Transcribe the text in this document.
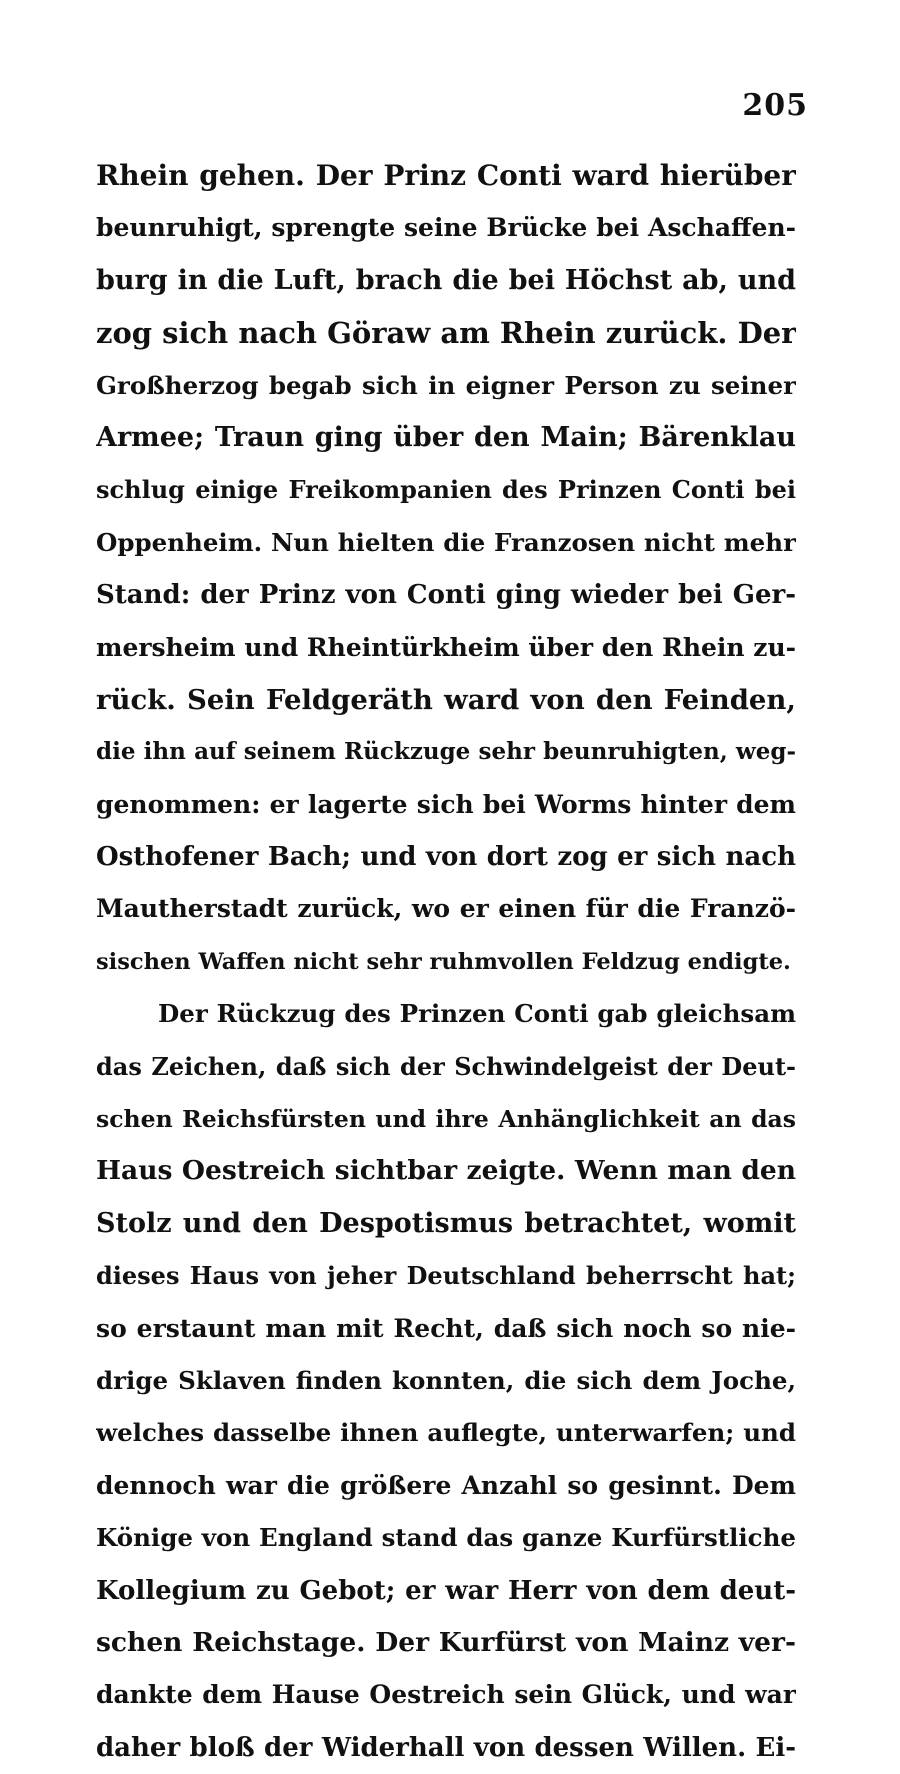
205
Rhein gehen. Der Prinz Conti ward hierüber
beunruhigt, sprengte seine Brücke bei Aschaffen-
burg in die Luft, brach die bei Höchst ab, und
zog sich nach Göraw am Rhein zurück. Der
Großherzog begab sich in eigner Person zu seiner
Armee; Traun ging über den Main; Bärenklau
schlug einige Freikompanien des Prinzen Conti bei
Oppenheim. Nun hielten die Franzosen nicht mehr
Stand: der Prinz von Conti ging wieder bei Ger-
mersheim und Rheintürkheim über den Rhein zu-
rück. Sein Feldgeräth ward von den Feinden,
die ihn auf seinem Rückzuge sehr beunruhigten, weg-
genommen: er lagerte sich bei Worms hinter dem
Osthofener Bach; und von dort zog er sich nach
Mautherstadt zurück, wo er einen für die Franzö-
sischen Waffen nicht sehr ruhmvollen Feldzug endigte.
Der Rückzug des Prinzen Conti gab gleichsam
das Zeichen, daß sich der Schwindelgeist der Deut-
schen Reichsfürsten und ihre Anhänglichkeit an das
Haus Oestreich sichtbar zeigte. Wenn man den
Stolz und den Despotismus betrachtet, womit
dieses Haus von jeher Deutschland beherrscht hat;
so erstaunt man mit Recht, daß sich noch so nie-
drige Sklaven finden konnten, die sich dem Joche,
welches dasselbe ihnen auflegte, unterwarfen; und
dennoch war die größere Anzahl so gesinnt. Dem
Könige von England stand das ganze Kurfürstliche
Kollegium zu Gebot; er war Herr von dem deut-
schen Reichstage. Der Kurfürst von Mainz ver-
dankte dem Hause Oestreich sein Glück, und war
daher bloß der Widerhall von dessen Willen. Ei-
